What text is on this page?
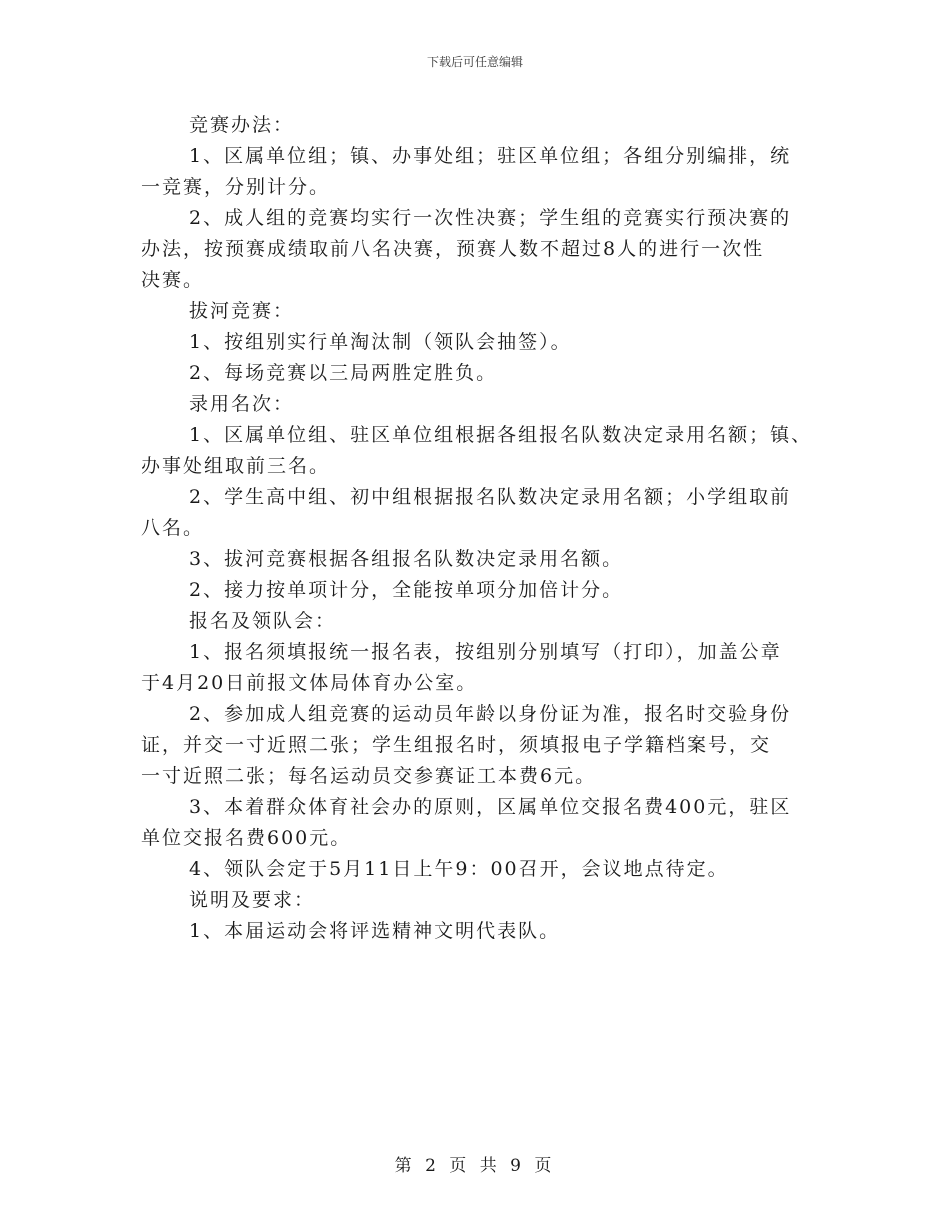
下载后可任意编辑
竞赛办法：
1、区属单位组；镇、办事处组；驻区单位组；各组分别编排，统
一竞赛，分别计分。
2、成人组的竞赛均实行一次性决赛；学生组的竞赛实行预决赛的
办法，按预赛成绩取前八名决赛，预赛人数不超过8人的进行一次性
决赛。
拔河竞赛：
1、按组别实行单淘汰制（领队会抽签）。
2、每场竞赛以三局两胜定胜负。
录用名次：
1、区属单位组、驻区单位组根据各组报名队数决定录用名额；镇、
办事处组取前三名。
2、学生高中组、初中组根据报名队数决定录用名额；小学组取前
八名。
3、拔河竞赛根据各组报名队数决定录用名额。
2、接力按单项计分，全能按单项分加倍计分。
报名及领队会：
1、报名须填报统一报名表，按组别分别填写（打印），加盖公章
于4月20日前报文体局体育办公室。
2、参加成人组竞赛的运动员年龄以身份证为准，报名时交验身份
证，并交一寸近照二张；学生组报名时，须填报电子学籍档案号，交
一寸近照二张；每名运动员交参赛证工本费6元。
3、本着群众体育社会办的原则，区属单位交报名费400元，驻区
单位交报名费600元。
4、领队会定于5月11日上午9：00召开，会议地点待定。
说明及要求：
1、本届运动会将评选精神文明代表队。
第 2 页 共 9 页
